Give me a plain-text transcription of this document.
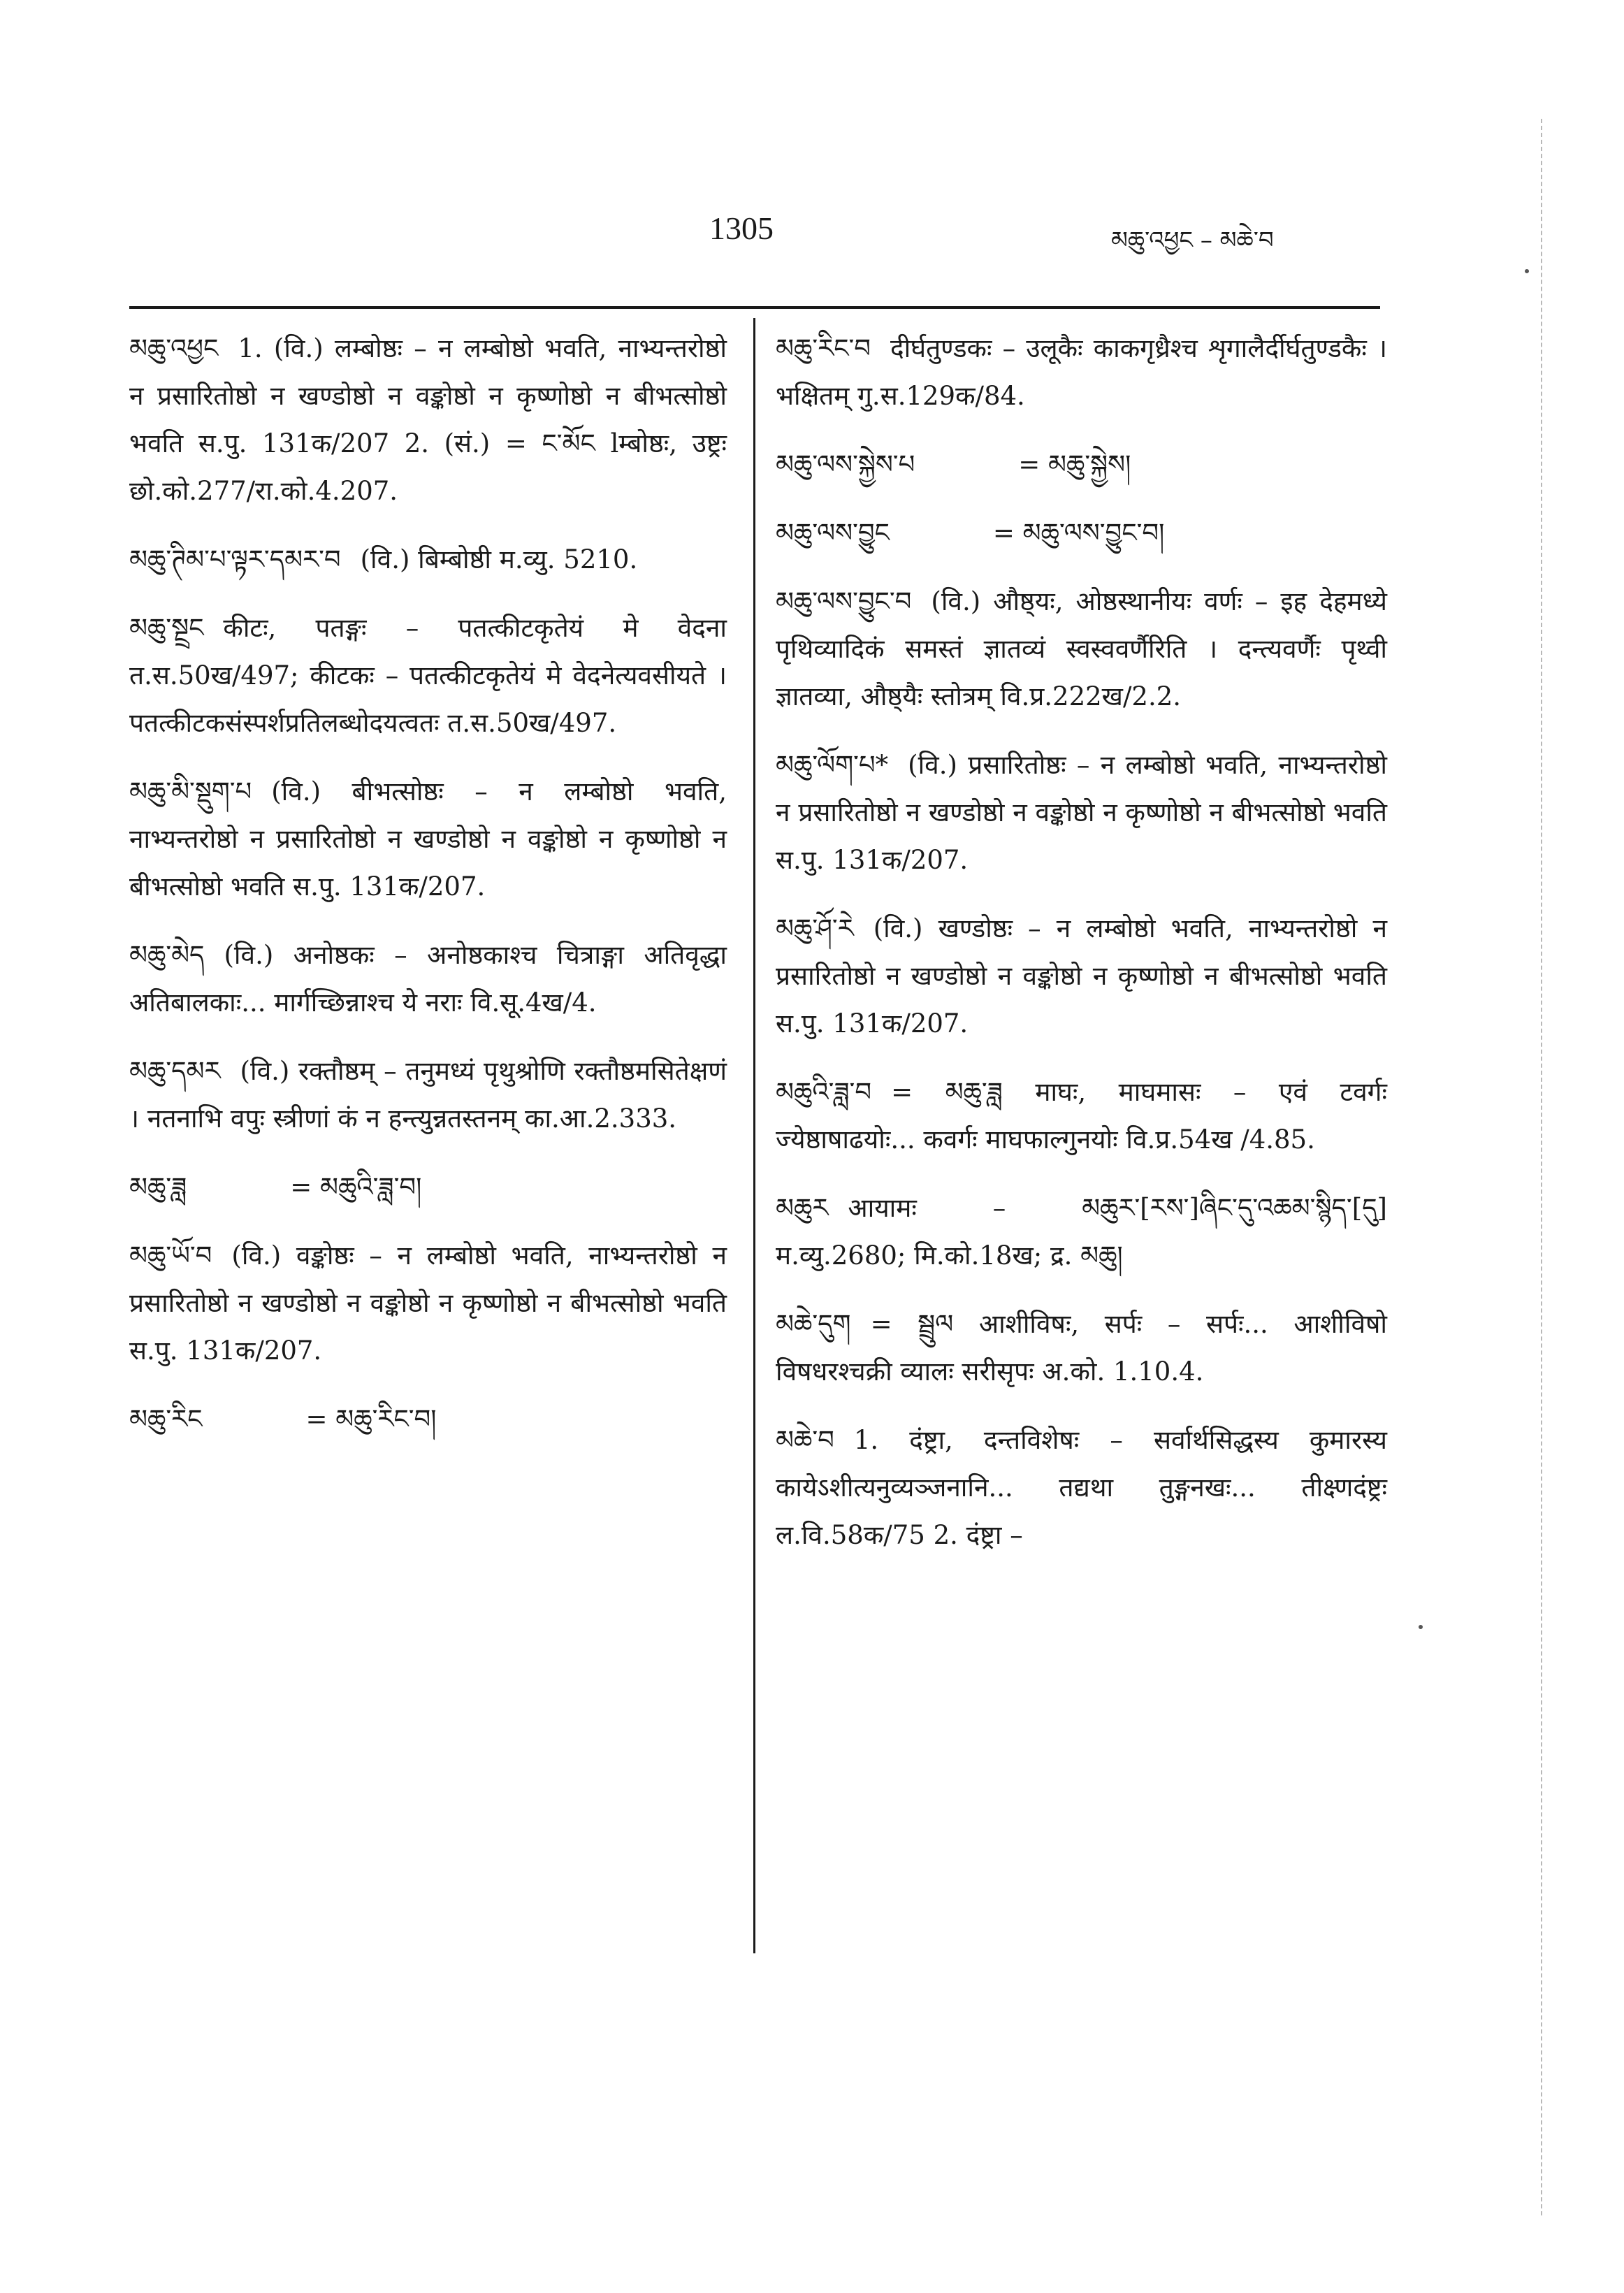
1305	མཆུ་འཕྱང – མཆེ་བ
མཆུ་འཕྱང 1. (वि.) लम्बोष्ठः – न लम्बोष्ठो भवति, नाभ्यन्तरोष्ठो न प्रसारितोष्ठो न खण्डोष्ठो न वङ्कोष्ठो न कृष्णोष्ठो न बीभत्सोष्ठो भवति स.पु. 131क/207 2. (सं.) = ང་མོང lम्बोष्ठः, उष्ट्रः छो.को.277/रा.को.4.207.
མཆུ་ཊིམ་པ་ལྟར་དམར་བ (वि.) बिम्बोष्ठी म.व्यु. 5210.
མཆུ་སྔྲང कीटः, पतङ्गः – पतत्कीटकृतेयं मे वेदना त.स.50ख/497; कीटकः – पतत्कीटकृतेयं मे वेदनेत्यवसीयते । पतत्कीटकसंस्पर्शप्रतिलब्धोदयत्वतः त.स.50ख/497.
མཆུ་མི་སྡུག་པ (वि.) बीभत्सोष्ठः – न लम्बोष्ठो भवति, नाभ्यन्तरोष्ठो न प्रसारितोष्ठो न खण्डोष्ठो न वङ्कोष्ठो न कृष्णोष्ठो न बीभत्सोष्ठो भवति स.पु. 131क/207.
མཆུ་མེད (वि.) अनोष्ठकः – अनोष्ठकाश्च चित्राङ्गा अतिवृद्धा अतिबालकाः... मार्गच्छिन्नाश्च ये नराः वि.सू.4ख/4.
མཆུ་དམར (वि.) रक्तौष्ठम् – तनुमध्यं पृथुश्रोणि रक्तौष्ठमसितेक्षणं । नतनाभि वपुः स्त्रीणां कं न हन्त्युन्नतस्तनम् का.आ.2.333.
མཆུ་ཟླ	= མཆུའི་ཟླ་བ།
མཆུ་ཡོ་བ (वि.) वङ्कोष्ठः – न लम्बोष्ठो भवति, नाभ्यन्तरोष्ठो न प्रसारितोष्ठो न खण्डोष्ठो न वङ्कोष्ठो न कृष्णोष्ठो न बीभत्सोष्ठो भवति स.पु. 131क/207.
མཆུ་རིང	= མཆུ་རིང་བ།
མཆུ་རིང་བ दीर्घतुण्डकः – उलूकैः काकगृध्रैश्च शृगालैर्दीर्घतुण्डकैः । भक्षितम् गु.स.129क/84.
མཆུ་ལས་སྐྱེས་པ	= མཆུ་སྐྱེས།
མཆུ་ལས་བྱུང	= མཆུ་ལས་བྱུང་བ།
མཆུ་ལས་བྱུང་བ (वि.) औष्ठ्यः, ओष्ठस्थानीयः वर्णः – इह देहमध्ये पृथिव्यादिकं समस्तं ज्ञातव्यं स्वस्ववर्णैरिति । दन्त्यवर्णैः पृथ्वी ज्ञातव्या, औष्ठ्यैः स्तोत्रम् वि.प्र.222ख/2.2.
མཆུ་ལོག་པ* (वि.) प्रसारितोष्ठः – न लम्बोष्ठो भवति, नाभ्यन्तरोष्ठो न प्रसारितोष्ठो न खण्डोष्ठो न वङ्कोष्ठो न कृष्णोष्ठो न बीभत्सोष्ठो भवति स.पु. 131क/207.
མཆུ་ཤོ་རེ (वि.) खण्डोष्ठः – न लम्बोष्ठो भवति, नाभ्यन्तरोष्ठो न प्रसारितोष्ठो न खण्डोष्ठो न वङ्कोष्ठो न कृष्णोष्ठो न बीभत्सोष्ठो भवति स.पु. 131क/207.
མཆུའི་ཟླ་བ = མཆུ་ཟླ माघः, माघमासः – एवं टवर्गः ज्येष्ठाषाढयोः... कवर्गः माघफाल्गुनयोः वि.प्र.54ख /4.85.
མཆུར आयामः – མཆུར་[རས་]ཞིང་དུ་འཆམ་སྙིད་[དུ] म.व्यु.2680; मि.को.18ख; द्र. མཆུ།
མཆེ་དུག = སྦྲུལ आशीविषः, सर्पः – सर्पः... आशीविषो विषधरश्चक्री व्यालः सरीसृपः अ.को. 1.10.4.
མཆེ་བ 1. दंष्ट्रा, दन्तविशेषः – सर्वार्थसिद्धस्य कुमारस्य कायेऽशीत्यनुव्यञ्जनानि... तद्यथा तुङ्गनखः... तीक्ष्णदंष्ट्रः ल.वि.58क/75 2. दंष्ट्रा –
